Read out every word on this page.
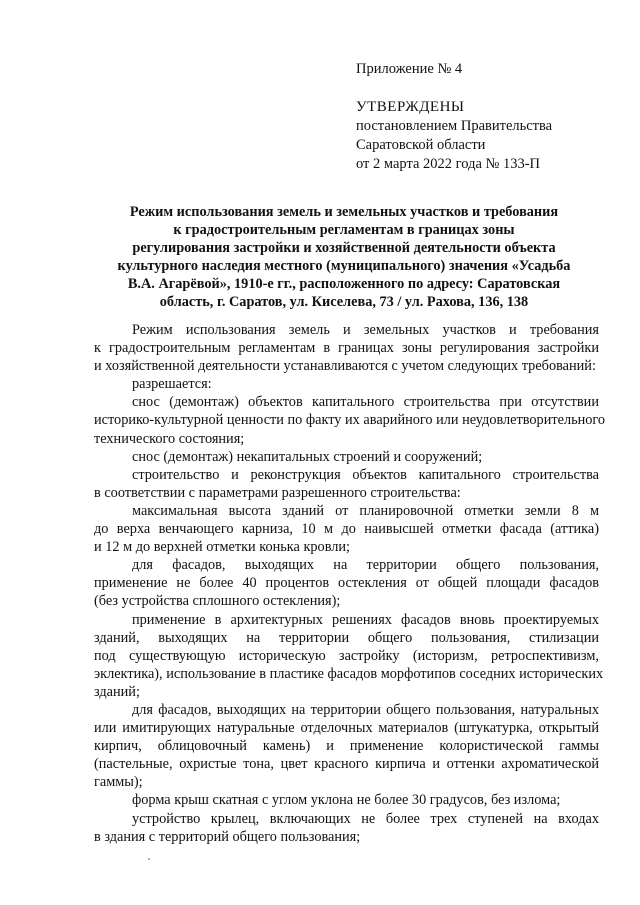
Приложение № 4
УТВЕРЖДЕНЫ
постановлением Правительства
Саратовской области
от 2 марта 2022 года № 133-П
Режим использования земель и земельных участков и требования
к градостроительным регламентам в границах зоны
регулирования застройки и хозяйственной деятельности объекта
культурного наследия местного (муниципального) значения «Усадьба
В.А. Агарёвой», 1910-е гг., расположенного по адресу: Саратовская
область, г. Саратов, ул. Киселева, 73 / ул. Рахова, 136, 138
Режим использования земель и земельных участков и требования
к градостроительным регламентам в границах зоны регулирования застройки
и хозяйственной деятельности устанавливаются с учетом следующих требований:
разрешается:
снос (демонтаж) объектов капитального строительства при отсутствии
историко-культурной ценности по факту их аварийного или неудовлетворительного
технического состояния;
снос (демонтаж) некапитальных строений и сооружений;
строительство и реконструкция объектов капитального строительства
в соответствии с параметрами разрешенного строительства:
максимальная высота зданий от планировочной отметки земли 8 м
до верха венчающего карниза, 10 м до наивысшей отметки фасада (аттика)
и 12 м до верхней отметки конька кровли;
для фасадов, выходящих на территории общего пользования,
применение не более 40 процентов остекления от общей площади фасадов
(без устройства сплошного остекления);
применение в архитектурных решениях фасадов вновь проектируемых
зданий, выходящих на территории общего пользования, стилизации
под существующую историческую застройку (историзм, ретроспективизм,
эклектика), использование в пластике фасадов морфотипов соседних исторических
зданий;
для фасадов, выходящих на территории общего пользования, натуральных
или имитирующих натуральные отделочных материалов (штукатурка, открытый
кирпич, облицовочный камень) и применение колористической гаммы
(пастельные, охристые тона, цвет красного кирпича и оттенки ахроматической
гаммы);
форма крыш скатная с углом уклона не более 30 градусов, без излома;
устройство крылец, включающих не более трех ступеней на входах
в здания с территорий общего пользования;
